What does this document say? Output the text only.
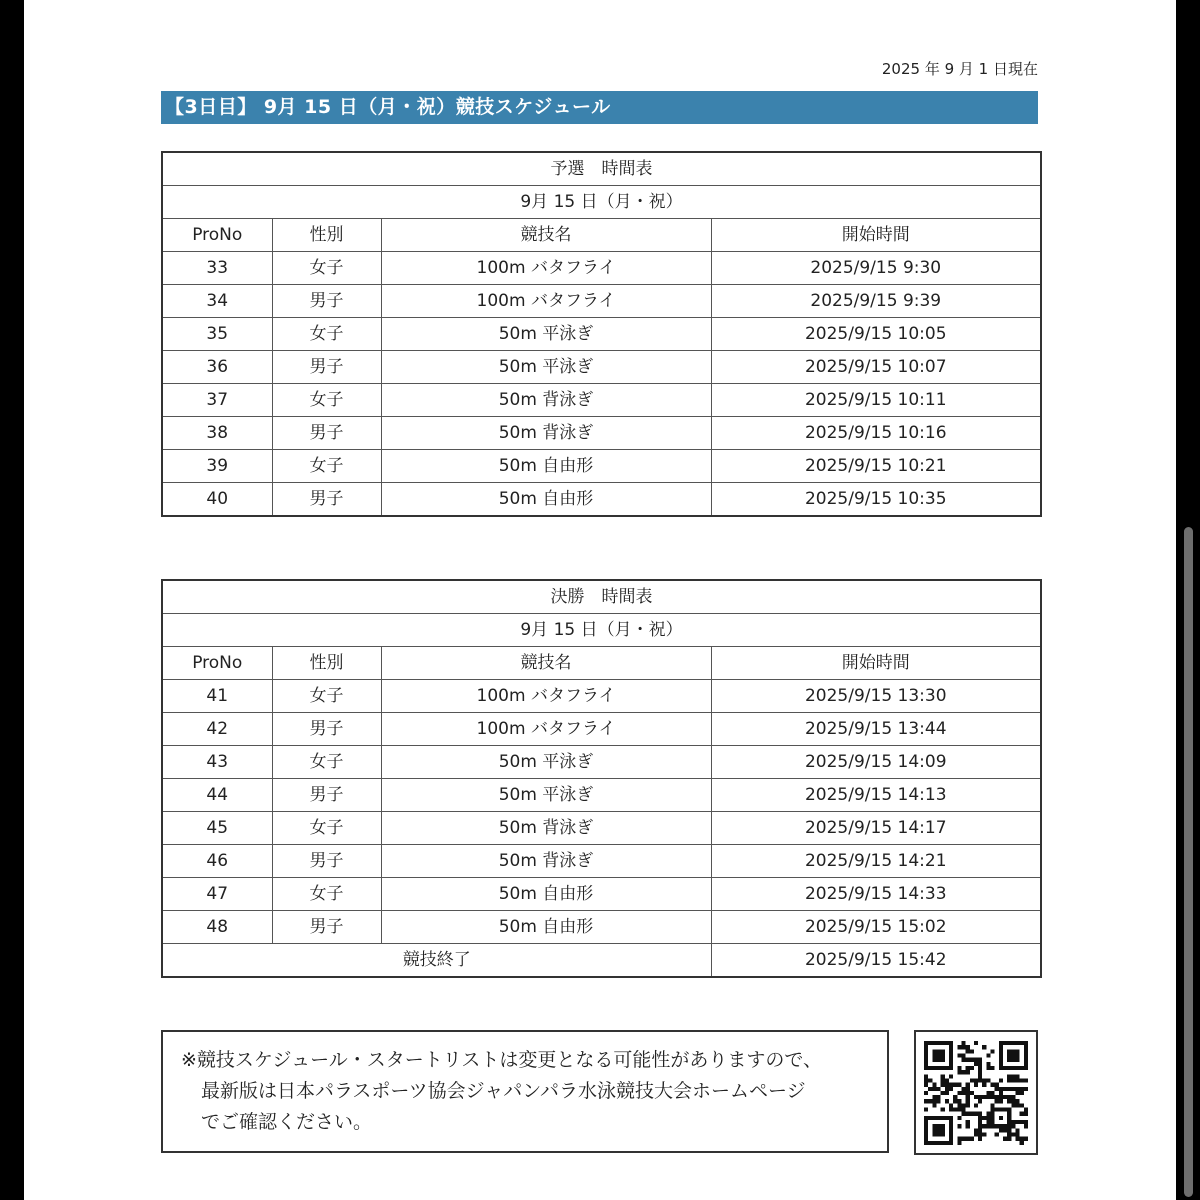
2025 年 9 月 1 日現在
【3日目】 9月 15 日（月・祝）競技スケジュール
予選　時間表			
9月 15 日（月・祝）			
ProNo	性別	競技名	開始時間
33	女子	100m バタフライ	2025/9/15 9:30
34	男子	100m バタフライ	2025/9/15 9:39
35	女子	50m 平泳ぎ	2025/9/15 10:05
36	男子	50m 平泳ぎ	2025/9/15 10:07
37	女子	50m 背泳ぎ	2025/9/15 10:11
38	男子	50m 背泳ぎ	2025/9/15 10:16
39	女子	50m 自由形	2025/9/15 10:21
40	男子	50m 自由形	2025/9/15 10:35
決勝　時間表			
9月 15 日（月・祝）			
ProNo	性別	競技名	開始時間
41	女子	100m バタフライ	2025/9/15 13:30
42	男子	100m バタフライ	2025/9/15 13:44
43	女子	50m 平泳ぎ	2025/9/15 14:09
44	男子	50m 平泳ぎ	2025/9/15 14:13
45	女子	50m 背泳ぎ	2025/9/15 14:17
46	男子	50m 背泳ぎ	2025/9/15 14:21
47	女子	50m 自由形	2025/9/15 14:33
48	男子	50m 自由形	2025/9/15 15:02
競技終了			2025/9/15 15:42
※競技スケジュール・スタートリストは変更となる可能性がありますので、
最新版は日本パラスポーツ協会ジャパンパラ水泳競技大会ホームページ
でご確認ください。
